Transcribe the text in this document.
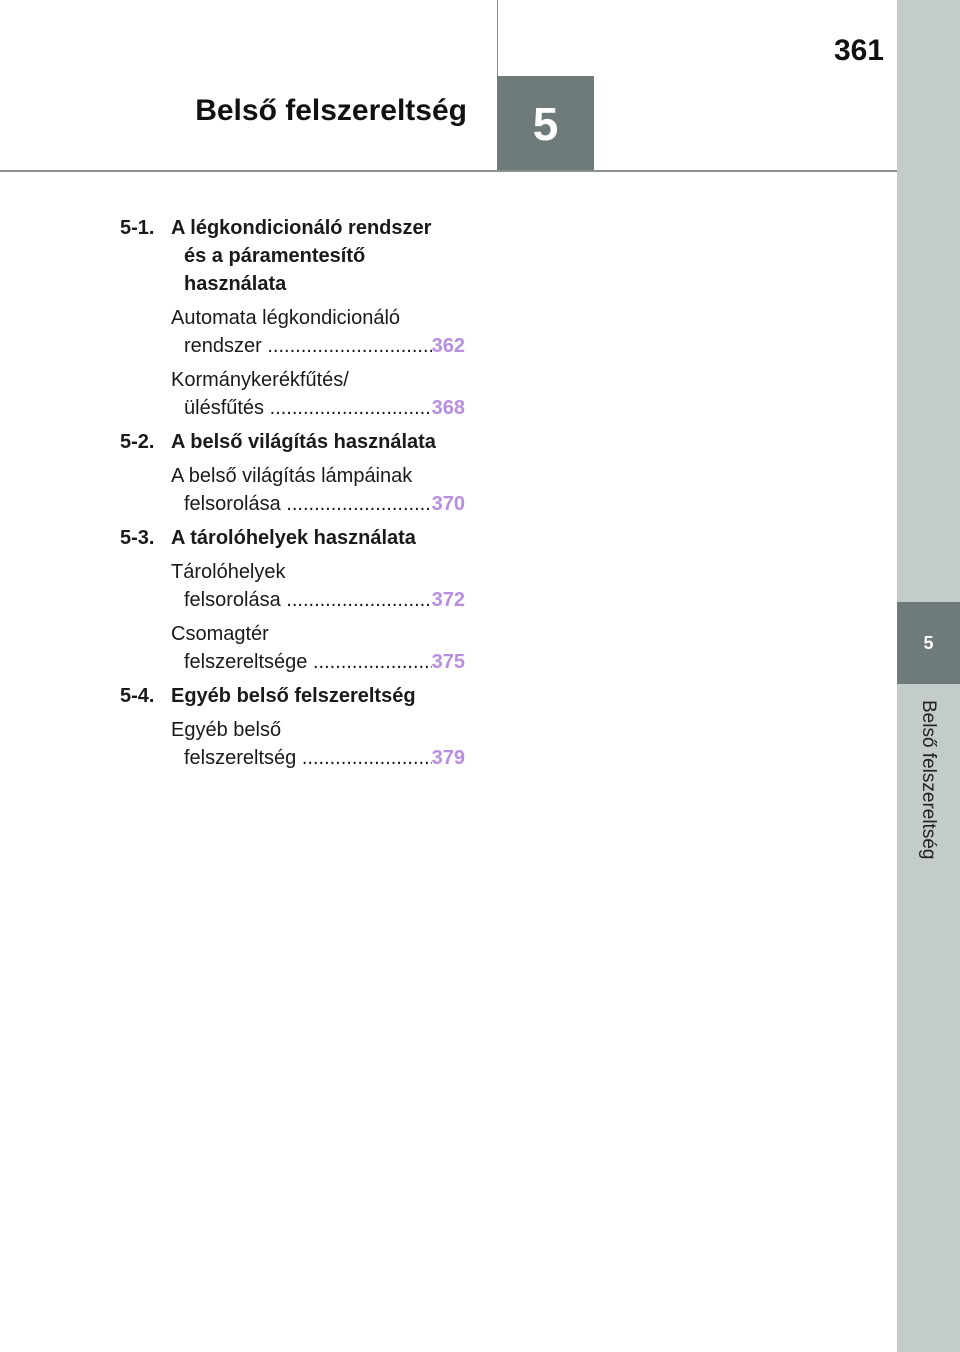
361
5
Belső felszereltség
5
Belső felszereltség
5-1. A légkondicionáló rendszer
és a páramentesítő
használata
Automata légkondicionáló
rendszer
.....	362
Kormánykerékfűtés/
ülésfűtés
.....	368
5-2. A belső világítás használata
A belső világítás lámpáinak
felsorolása
.....	370
5-3. A tárolóhelyek használata
Tárolóhelyek
felsorolása
.....	372
Csomagtér
felszereltsége
.....	375
5-4. Egyéb belső felszereltség
Egyéb belső
felszereltség
.....	379
